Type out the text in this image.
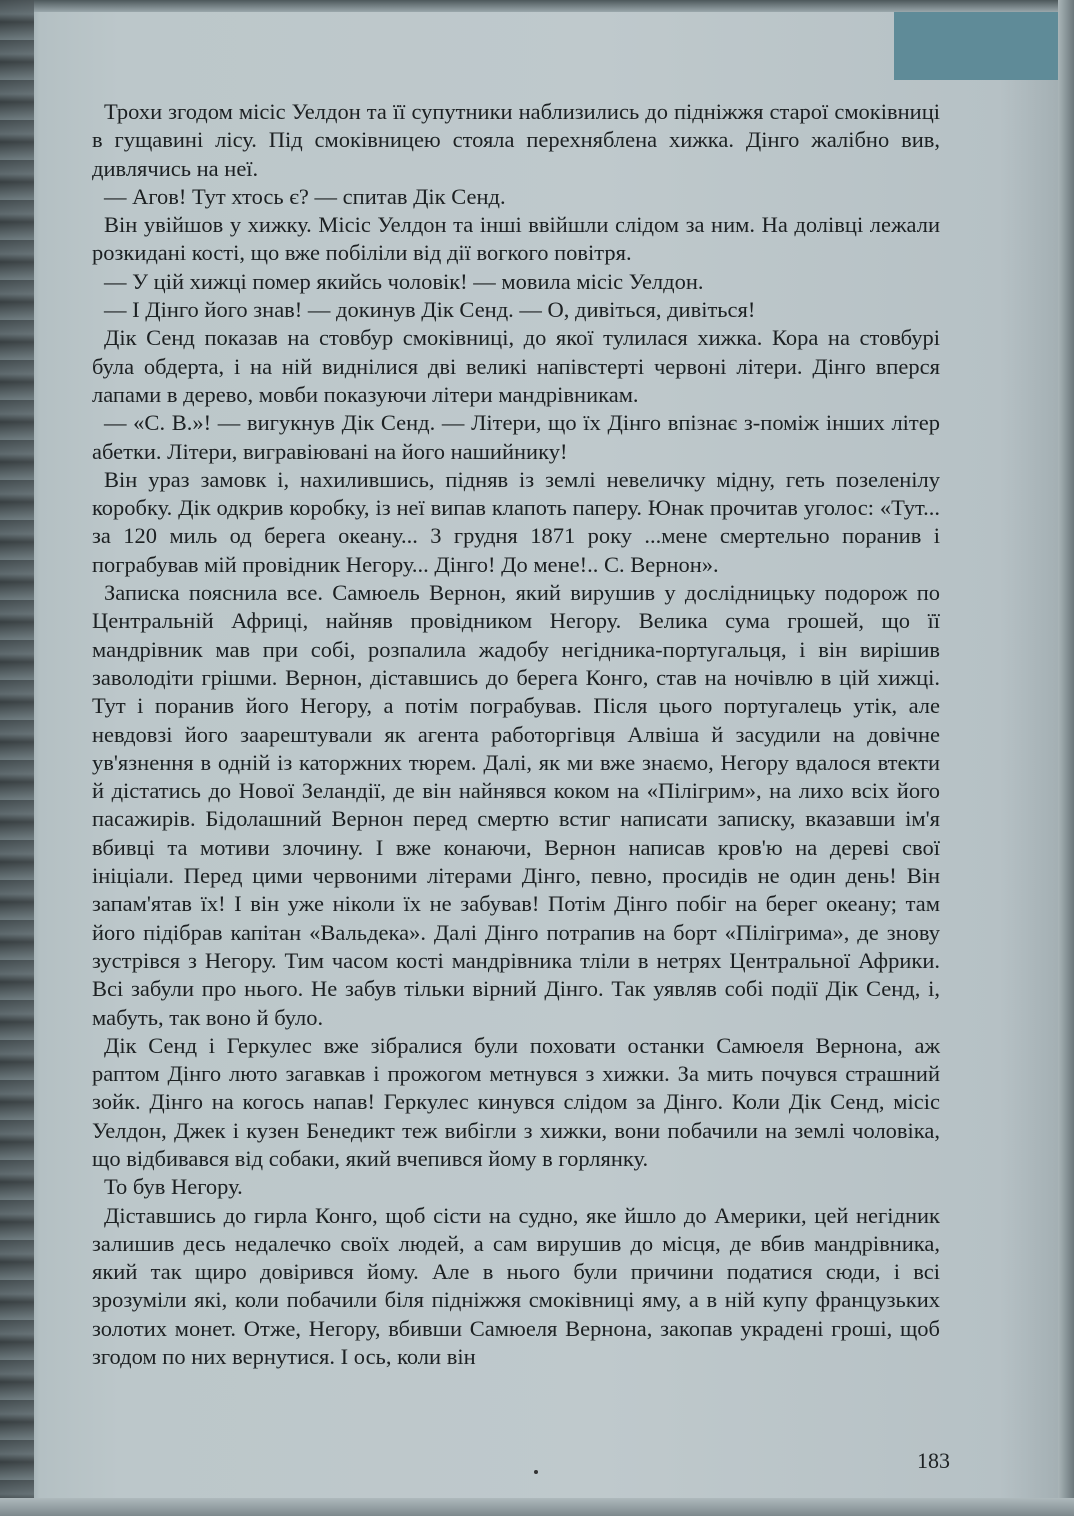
Трохи згодом місіс Уелдон та її супутники наблизились до підніжжя старої смоківниці в гущавині лісу. Під смоківницею стояла перехняблена хижка. Дінго жалібно вив, дивлячись на неї.

— Агов! Тут хтось є? — спитав Дік Сенд.

Він увійшов у хижку. Місіс Уелдон та інші ввійшли слідом за ним. На долівці лежали розкидані кості, що вже побіліли від дії вогкого повітря.

— У цій хижці помер якийсь чоловік! — мовила місіс Уелдон.

— І Дінго його знав! — докинув Дік Сенд. — О, дивіться, дивіться!

Дік Сенд показав на стовбур смоківниці, до якої тулилася хижка. Кора на стовбурі була обдерта, і на ній виднілися дві великі напівстерті червоні літери. Дінго вперся лапами в дерево, мовби показуючи літери мандрівникам.

— «С. В.»! — вигукнув Дік Сенд. — Літери, що їх Дінго впізнає з-поміж інших літер абетки. Літери, вигравіювані на його нашийнику!

Він ураз замовк і, нахилившись, підняв із землі невеличку мідну, геть позеленілу коробку. Дік одкрив коробку, із неї випав клапоть паперу. Юнак прочитав уголос: «Тут... за 120 миль од берега океану... 3 грудня 1871 року ...мене смертельно поранив і пограбував мій провідник Негору... Дінго! До мене!.. С. Вернон».

Записка пояснила все. Самюель Вернон, який вирушив у дослідницьку подорож по Центральній Африці, найняв провідником Негору. Велика сума грошей, що її мандрівник мав при собі, розпалила жадобу негідника-португальця, і він вирішив заволодіти грішми. Вернон, діставшись до берега Конго, став на ночівлю в цій хижці. Тут і поранив його Негору, а потім пограбував. Після цього португалець утік, але невдовзі його заарештували як агента работоргівця Алвіша й засудили на довічне ув'язнення в одній із каторжних тюрем. Далі, як ми вже знаємо, Негору вдалося втекти й дістатись до Нової Зеландії, де він найнявся коком на «Пілігрим», на лихо всіх його пасажирів. Бідолашний Вернон перед смертю встиг написати записку, вказавши ім'я вбивці та мотиви злочину. І вже конаючи, Вернон написав кров'ю на дереві свої ініціали. Перед цими червоними літерами Дінго, певно, просидів не один день! Він запам'ятав їх! І він уже ніколи їх не забував! Потім Дінго побіг на берег океану; там його підібрав капітан «Вальдека». Далі Дінго потрапив на борт «Пілігрима», де знову зустрівся з Негору. Тим часом кості мандрівника тліли в нетрях Центральної Африки. Всі забули про нього. Не забув тільки вірний Дінго. Так уявляв собі події Дік Сенд, і, мабуть, так воно й було.

Дік Сенд і Геркулес вже зібралися були поховати останки Самюеля Вернона, аж раптом Дінго люто загавкав і прожогом метнувся з хижки. За мить почувся страшний зойк. Дінго на когось напав! Геркулес кинувся слідом за Дінго. Коли Дік Сенд, місіс Уелдон, Джек і кузен Бенедикт теж вибігли з хижки, вони побачили на землі чоловіка, що відбивався від собаки, який вчепився йому в горлянку.

То був Негору.

Діставшись до гирла Конго, щоб сісти на судно, яке йшло до Америки, цей негідник залишив десь недалечко своїх людей, а сам вирушив до місця, де вбив мандрівника, який так щиро довірився йому. Але в нього були причини податися сюди, і всі зрозуміли які, коли побачили біля підніжжя смоківниці яму, а в ній купу французьких золотих монет. Отже, Негору, вбивши Самюеля Вернона, закопав украдені гроші, щоб згодом по них вернутися. І ось, коли він

183
